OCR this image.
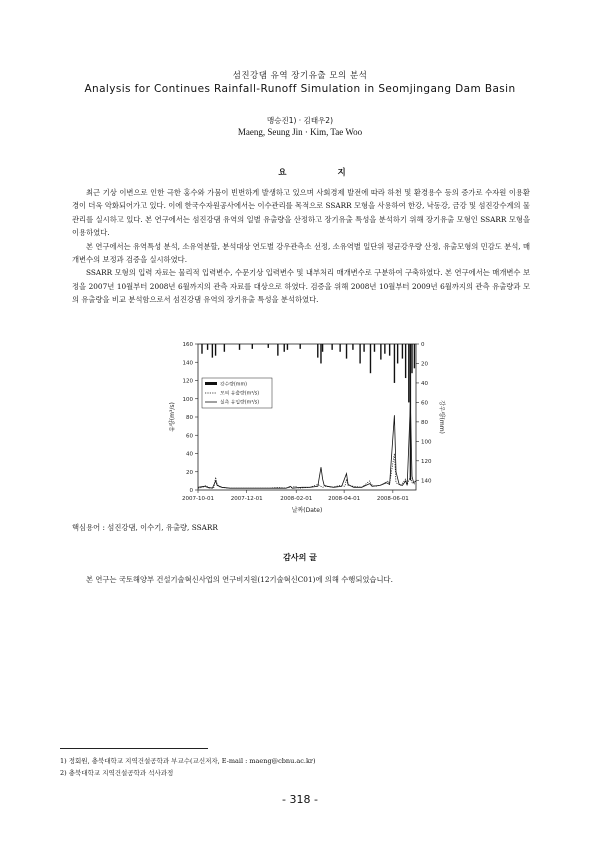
섬진강댐 유역 장기유출 모의 분석
Analysis for Continues Rainfall-Runoff Simulation in Seomjingang Dam Basin
맹승진1) · 김태우2)
Maeng, Seung Jin · Kim, Tae Woo
요 지

최근 기상 이변으로 인한 극한 홍수와 가뭄이 빈번하게 발생하고 있으며 사회경제 발전에 따라 하천 및 환경용수 등의 증가로 수자원 이용환경이 더욱 악화되어가고 있다. 이에 한국수자원공사에서는 이수관리를 목적으로 SSARR 모형을 사용하여 한강, 낙동강, 금강 및 섬진강수계의 물관리를 실시하고 있다. 본 연구에서는 섬진강댐 유역의 일별 유출량을 산정하고 장기유출 특성을 분석하기 위해 장기유출 모형인 SSARR 모형을 이용하였다.

본 연구에서는 유역특성 분석, 소유역분할, 분석대상 연도별 강우관측소 선정, 소유역별 일단위 평균강우량 산정, 유출모형의 민감도 분석, 매개변수의 보정과 검증을 실시하였다.

SSARR 모형의 입력 자료는 물리적 입력변수, 수문기상 입력변수 및 내부처리 매개변수로 구분하여 구축하였다. 본 연구에서는 매개변수 보정을 2007년 10월부터 2008년 6월까지의 관측 자료를 대상으로 하였다. 검증을 위해 2008년 10월부터 2009년 6월까지의 관측 유출량과 모의 유출량을 비교 분석함으로서 섬진강댐 유역의 장기유출 특성을 분석하였다.

0
20
40
60
80
100
120
140
160	0
20
40
60
80
100
120
140
2007-10-01	2007-12-01	2008-02-01	2008-04-01	2008-06-01
날짜(Date)
유량(m³/s)	강우량(mm)
강수량(mm)
모의 유출량(m³/s)
실측 유입량(m³/s)
핵심용어 : 섬진강댐, 이수기, 유출량, SSARR
감사의 글
본 연구는 국토해양부 건설기술혁신사업의 연구비지원(12기술혁신C01)에 의해 수행되었습니다.
1) 정회원, 충북대학교 지역건설공학과 부교수(교신저자, E-mail : maeng@cbnu.ac.kr)
2) 충북대학교 지역건설공학과 석사과정
- 318 -
